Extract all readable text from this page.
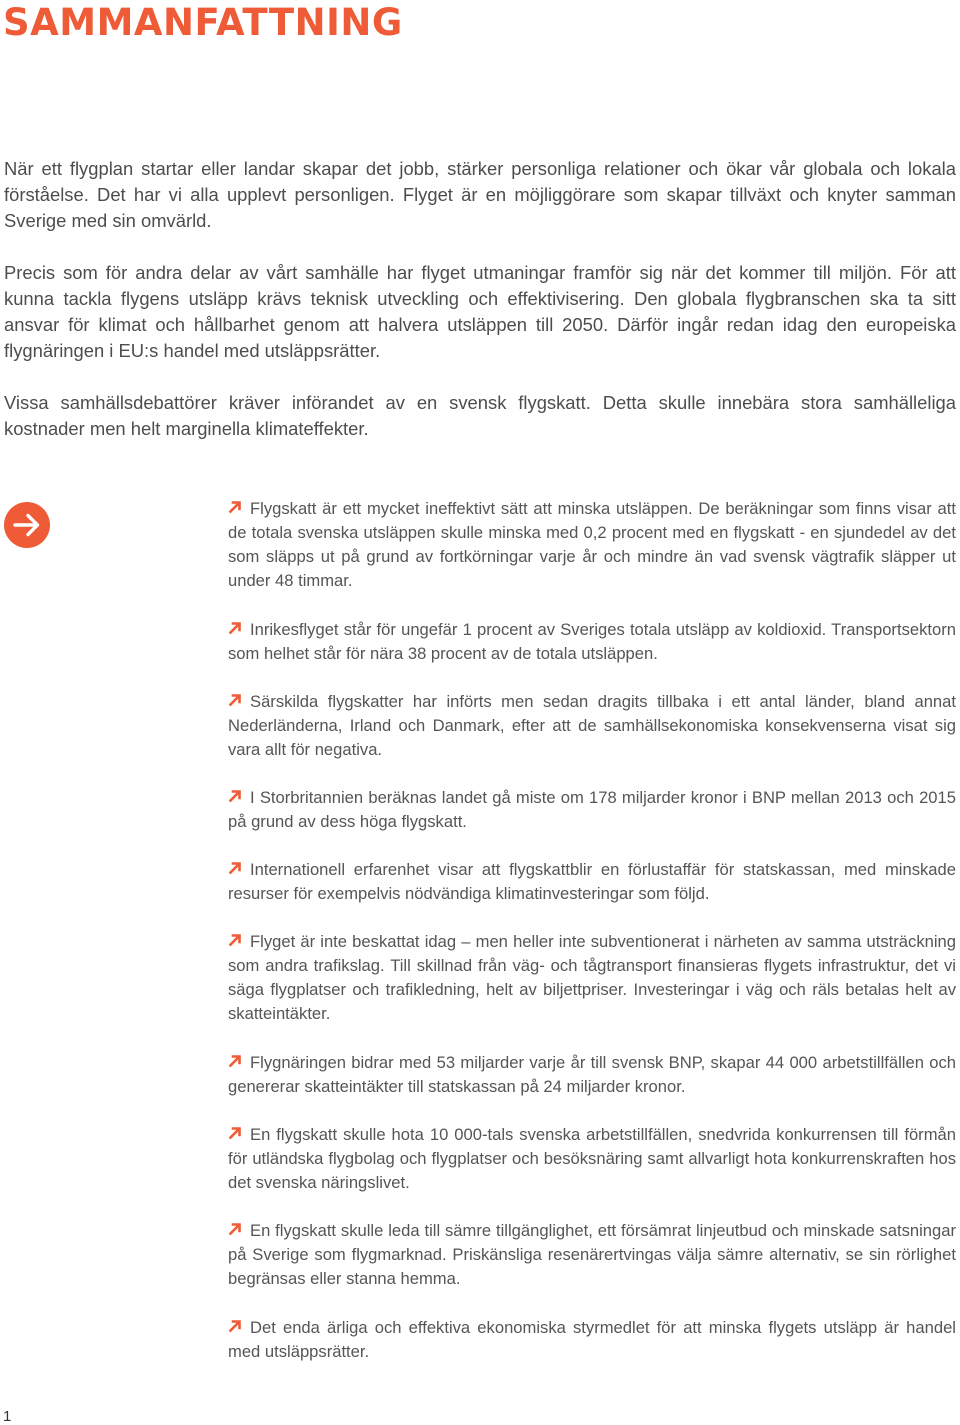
SAMMANFATTNING

När ett flygplan startar eller landar skapar det jobb, stärker personliga relationer och ökar vår globala och lokala förståelse. Det har vi alla upplevt personligen. Flyget är en möjliggörare som skapar tillväxt och knyter samman Sverige med sin omvärld.

Precis som för andra delar av vårt samhälle har flyget utmaningar framför sig när det kommer till miljön. För att kunna tackla flygens utsläpp krävs teknisk utveckling och effektivisering. Den globala flygbranschen ska ta sitt ansvar för klimat och hållbarhet genom att halvera utsläppen till 2050. Därför ingår redan idag den europeiska flygnäringen i EU:s handel med utsläppsrätter.

Vissa samhällsdebattörer kräver införandet av en svensk flygskatt. Detta skulle innebära stora samhälleliga kostnader men helt marginella klimateffekter.

Flygskatt är ett mycket ineffektivt sätt att minska utsläppen. De beräkningar som finns visar att de totala svenska utsläppen skulle minska med 0,2 procent med en flygskatt - en sjundedel av det som släpps ut på grund av fortkörningar varje år och mindre än vad svensk vägtrafik släpper ut under 48 timmar.

Inrikesflyget står för ungefär 1 procent av Sveriges totala utsläpp av koldioxid. Transportsektorn som helhet står för nära 38 procent av de totala utsläppen.

Särskilda flygskatter har införts men sedan dragits tillbaka i ett antal länder, bland annat Nederländerna, Irland och Danmark, efter att de samhällsekonomiska konsekvenserna visat sig vara allt för negativa.

I Storbritannien beräknas landet gå miste om 178 miljarder kronor i BNP mellan 2013 och 2015 på grund av dess höga flygskatt.

Internationell erfarenhet visar att flygskattblir en förlustaffär för statskassan, med minskade resurser för exempelvis nödvändiga klimatinvesteringar som följd.

Flyget är inte beskattat idag – men heller inte subventionerat i närheten av samma utsträckning som andra trafikslag. Till skillnad från väg- och tågtransport finansieras flygets infrastruktur, det vi säga flygplatser och trafikledning, helt av biljettpriser. Investeringar i väg och räls betalas helt av skatteintäkter.

Flygnäringen bidrar med 53 miljarder varje år till svensk BNP, skapar 44 000 arbetstillfällen och genererar skatteintäkter till statskassan på 24 miljarder kronor.

En flygskatt skulle hota 10 000-tals svenska arbetstillfällen, snedvrida konkurrensen till förmån för utländska flygbolag och flygplatser och besöksnäring samt allvarligt hota konkurrenskraften hos det svenska näringslivet.

En flygskatt skulle leda till sämre tillgänglighet, ett försämrat linjeutbud och minskade satsningar på Sverige som flygmarknad. Priskänsliga resenärertvingas välja sämre alternativ, se sin rörlighet begränsas eller stanna hemma.

Det enda ärliga och effektiva ekonomiska styrmedlet för att minska flygets utsläpp är handel med utsläppsrätter.

1
